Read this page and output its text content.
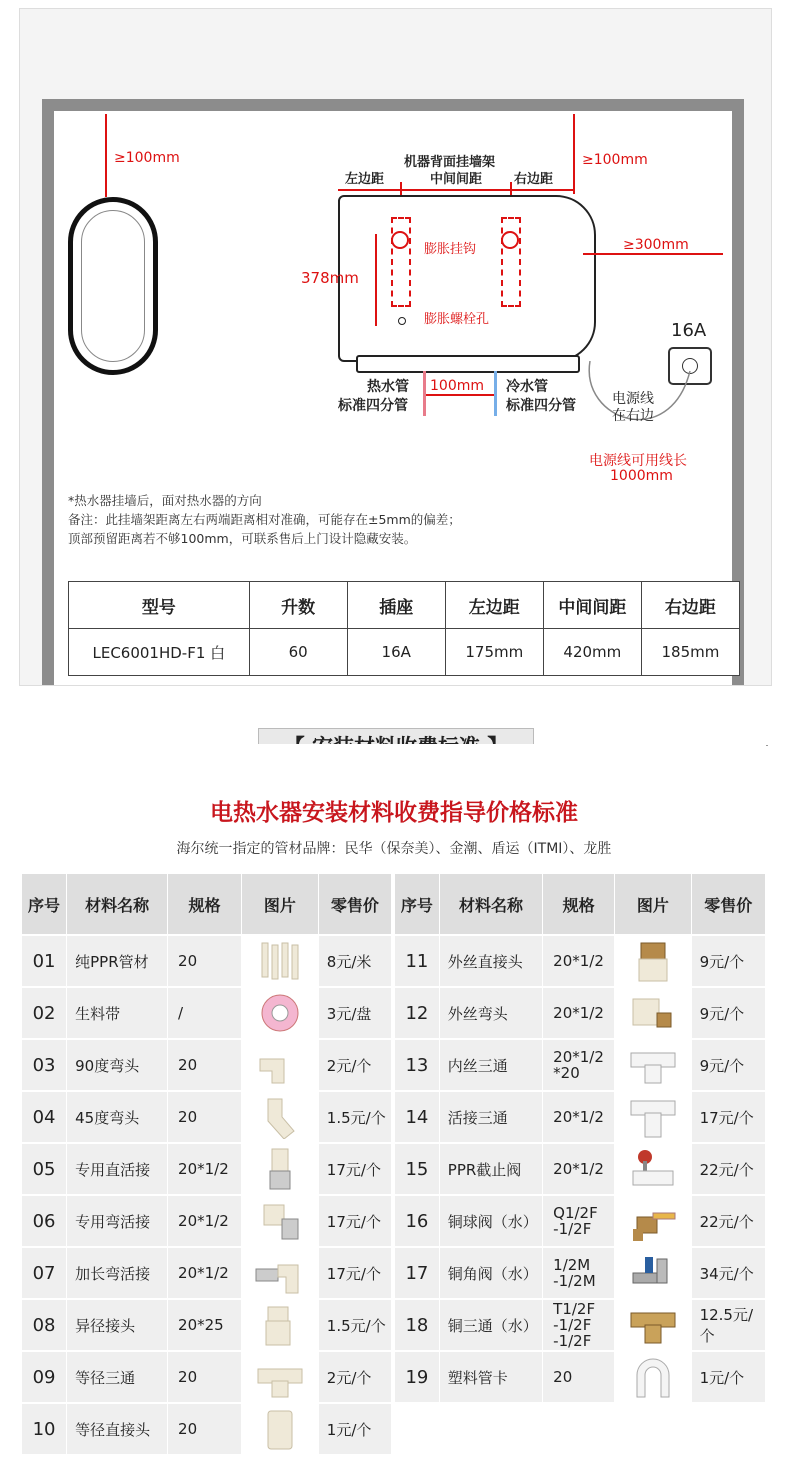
≥100mm	≥100mm
机器背面挂墙架
中间间距
左边距	右边距
膨胀挂钩
膨胀螺栓孔
378mm
≥300mm
16A
电源线
在右边
电源线可用线长
1000mm
热水管
标准四分管
100mm 冷水管
标准四分管
*热水器挂墙后，面对热水器的方向
备注：此挂墙架距离左右两端距离相对准确，可能存在±5mm的偏差；
顶部预留距离若不够100mm，可联系售后上门设计隐藏安装。
型号	升数	插座	左边距	中间间距	右边距
LEC6001HD-F1 白	60	16A	175mm	420mm	185mm
电热水器安装材料收费指导价格标准
海尔统一指定的管材品牌：民华（保奈美）、金潮、盾运（ITMI）、龙胜
序号	材料名称	规格	图片	零售价
01	纯PPR管材	20		8元/米
02	生料带	/		3元/盘
03	90度弯头	20		2元/个
04	45度弯头	20		1.5元/个
05	专用直活接	20*1/2		17元/个
06	专用弯活接	20*1/2		17元/个
07	加长弯活接	20*1/2		17元/个
08	异径接头	20*25		1.5元/个
09	等径三通	20		2元/个
10	等径直接头	20		1元/个
序号	材料名称	规格	图片	零售价
11	外丝直接头	20*1/2		9元/个
12	外丝弯头	20*1/2		9元/个
13	内丝三通	20*1/2
*20		9元/个
14	活接三通	20*1/2		17元/个
15	PPR截止阀	20*1/2		22元/个
16	铜球阀（水）	Q1/2F
-1/2F		22元/个
17	铜角阀（水）	1/2M
-1/2M		34元/个
18	铜三通（水）	T1/2F
-1/2F
-1/2F		12.5元/个
19	塑料管卡	20		1元/个
